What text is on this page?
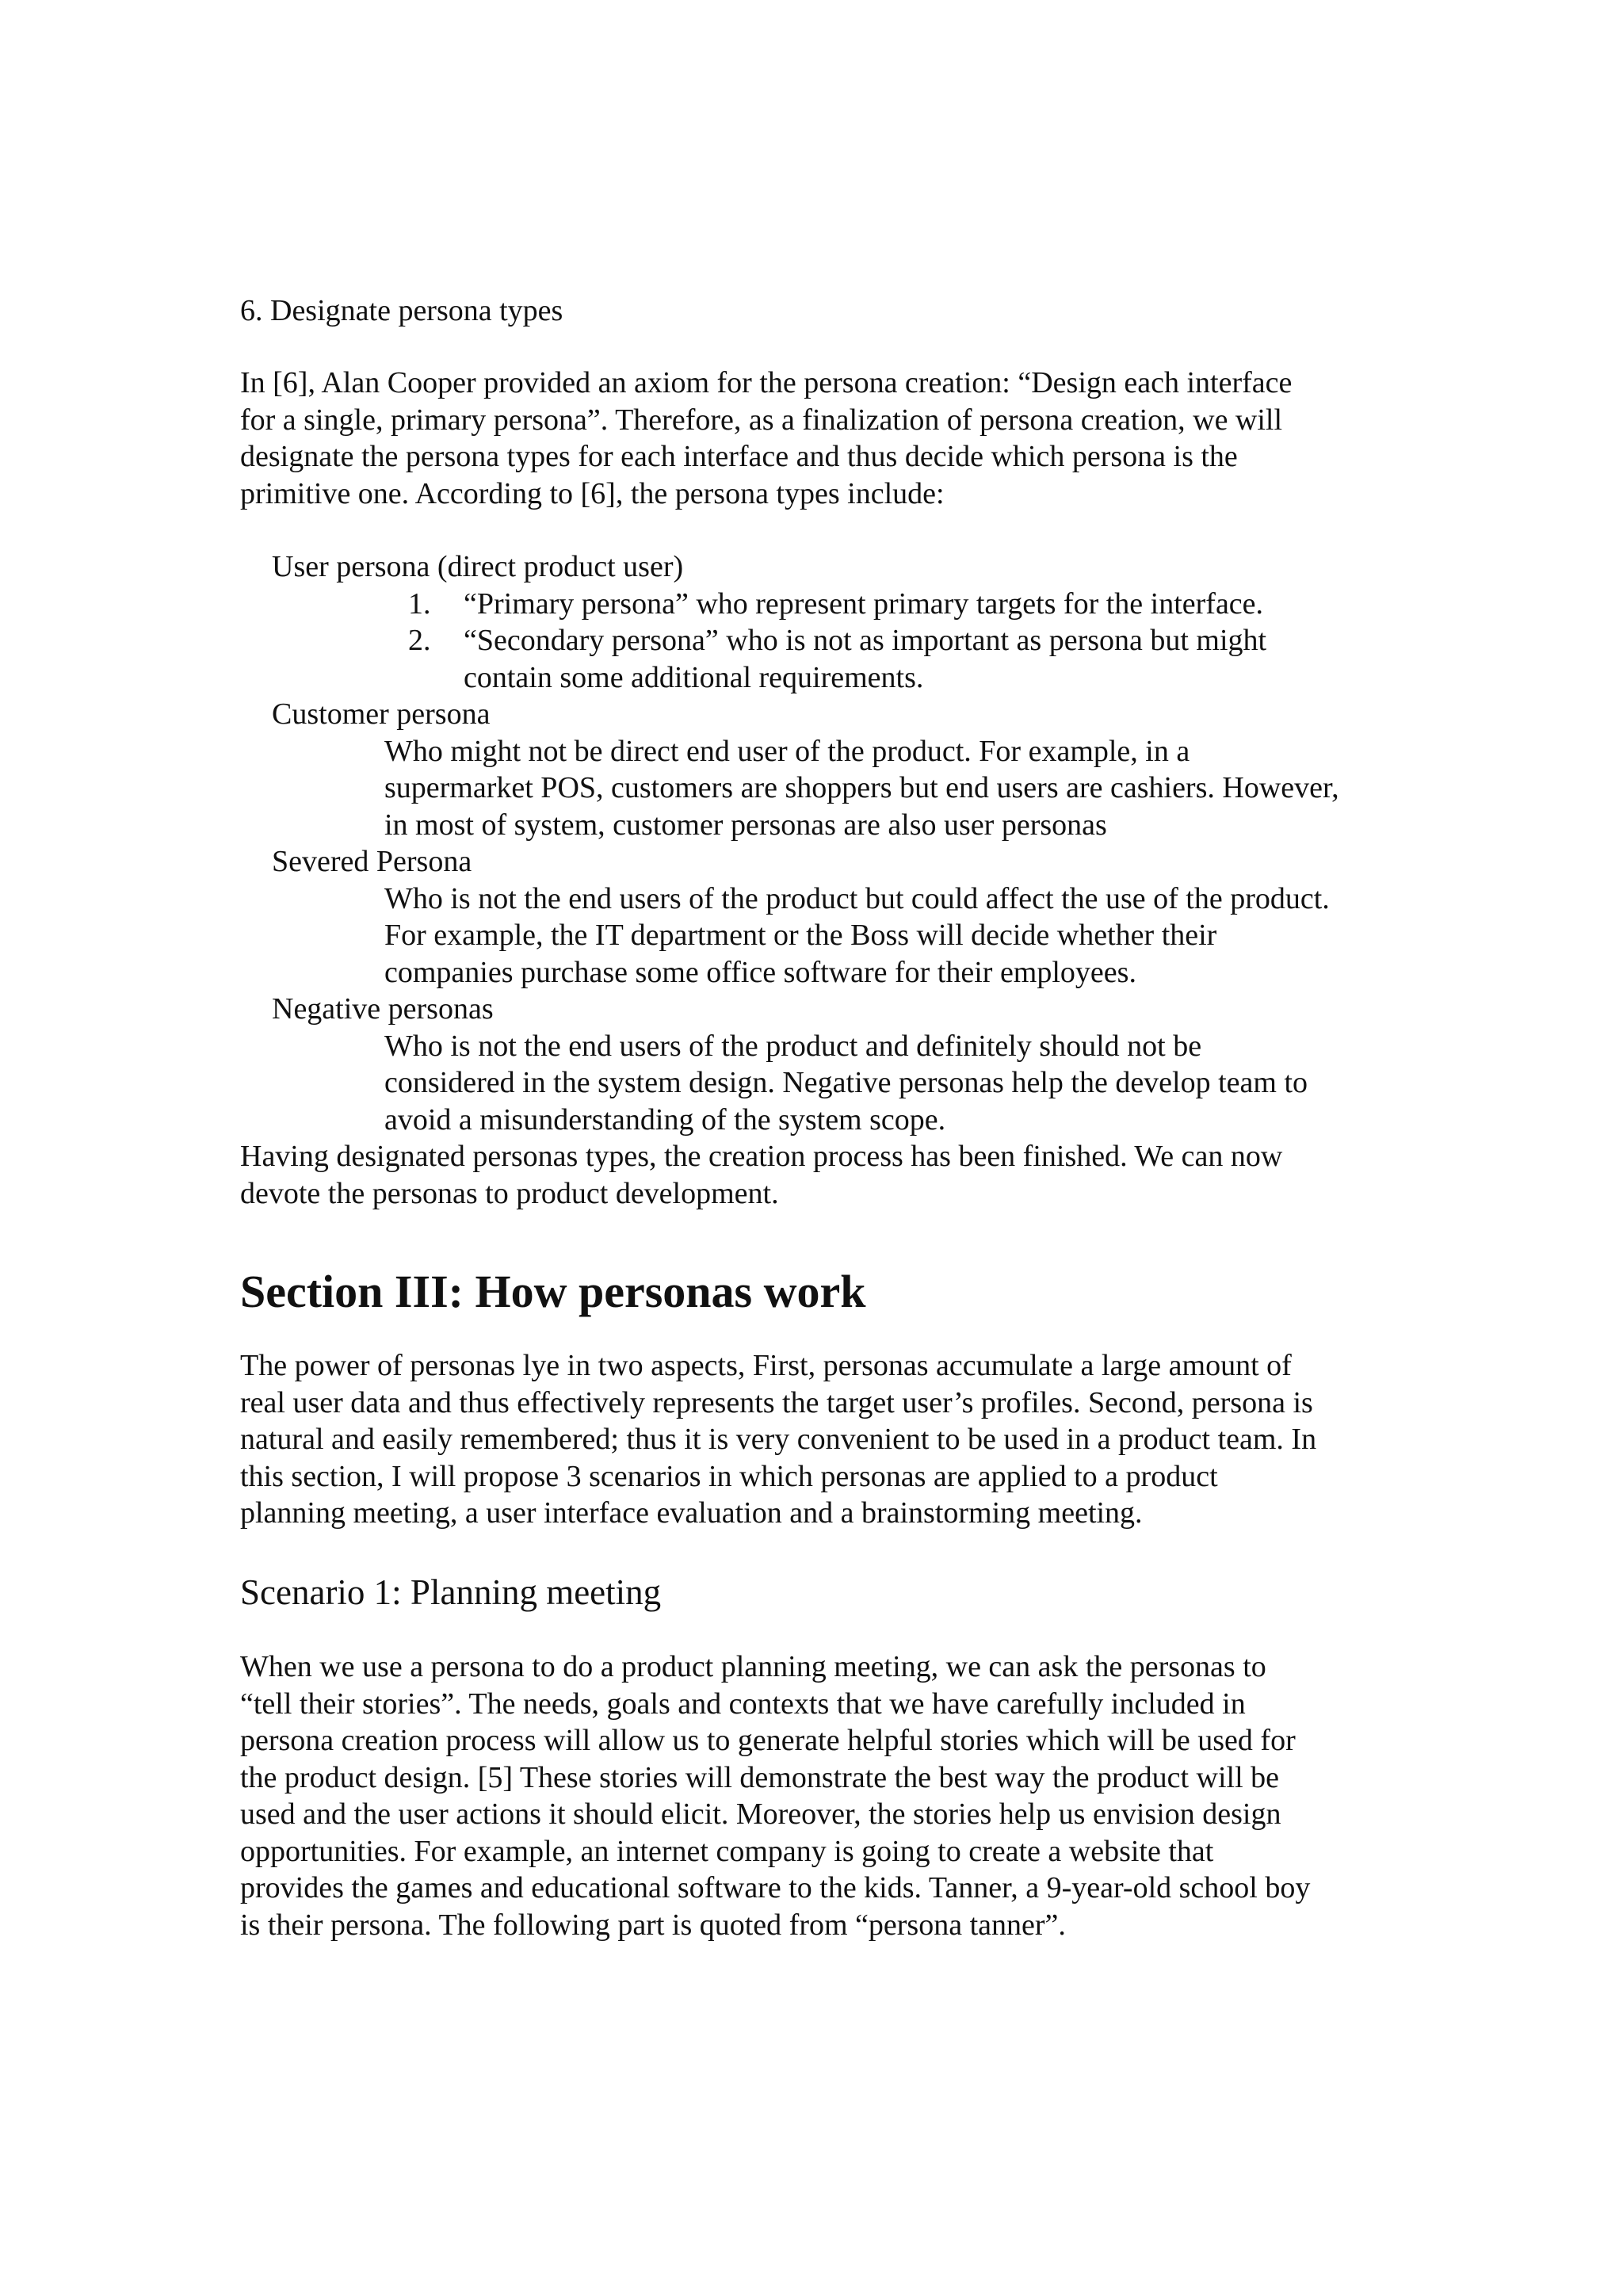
6. Designate persona types

In [6], Alan Cooper provided an axiom for the persona creation: “Design each interface

for a single, primary persona”. Therefore, as a finalization of persona creation, we will

designate the persona types for each interface and thus decide which persona is the

primitive one. According to [6], the persona types include:

User persona (direct product user)

1. “Primary persona” who represent primary targets for the interface.

2. “Secondary persona” who is not as important as persona but might

contain some additional requirements.

Customer persona

Who might not be direct end user of the product. For example, in a

supermarket POS, customers are shoppers but end users are cashiers. However,

in most of system, customer personas are also user personas

Severed Persona

Who is not the end users of the product but could affect the use of the product.

For example, the IT department or the Boss will decide whether their

companies purchase some office software for their employees.

Negative personas

Who is not the end users of the product and definitely should not be

considered in the system design. Negative personas help the develop team to

avoid a misunderstanding of the system scope.

Having designated personas types, the creation process has been finished. We can now

devote the personas to product development.

Section III: How personas work

The power of personas lye in two aspects, First, personas accumulate a large amount of

real user data and thus effectively represents the target user’s profiles. Second, persona is

natural and easily remembered; thus it is very convenient to be used in a product team. In

this section, I will propose 3 scenarios in which personas are applied to a product

planning meeting, a user interface evaluation and a brainstorming meeting.

Scenario 1: Planning meeting

When we use a persona to do a product planning meeting, we can ask the personas to

“tell their stories”. The needs, goals and contexts that we have carefully included in

persona creation process will allow us to generate helpful stories which will be used for

the product design. [5] These stories will demonstrate the best way the product will be

used and the user actions it should elicit. Moreover, the stories help us envision design

opportunities. For example, an internet company is going to create a website that

provides the games and educational software to the kids. Tanner, a 9-year-old school boy

is their persona. The following part is quoted from “persona tanner”.
